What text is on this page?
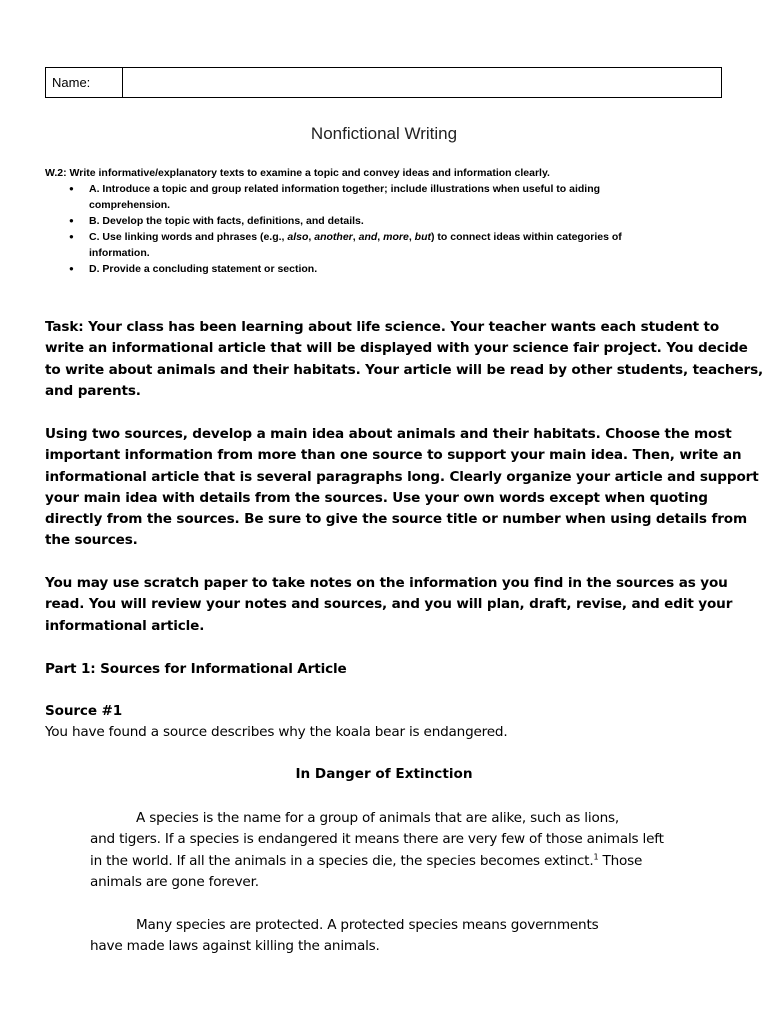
Name:
Nonfictional Writing
W.2: Write informative/explanatory texts to examine a topic and convey ideas and information clearly.
● A. Introduce a topic and group related information together; include illustrations when useful to aiding
comprehension.
● B. Develop the topic with facts, definitions, and details.
● C. Use linking words and phrases (e.g., also, another, and, more, but) to connect ideas within categories of
information.
● D. Provide a concluding statement or section.
Task: Your class has been learning about life science. Your teacher wants each student to
write an informational article that will be displayed with your science fair project. You decide
to write about animals and their habitats. Your article will be read by other students, teachers,
and parents.
Using two sources, develop a main idea about animals and their habitats. Choose the most
important information from more than one source to support your main idea. Then, write an
informational article that is several paragraphs long. Clearly organize your article and support
your main idea with details from the sources. Use your own words except when quoting
directly from the sources. Be sure to give the source title or number when using details from
the sources.
You may use scratch paper to take notes on the information you find in the sources as you
read. You will review your notes and sources, and you will plan, draft, revise, and edit your
informational article.
Part 1: Sources for Informational Article
Source #1
You have found a source describes why the koala bear is endangered.
In Danger of Extinction
A species is the name for a group of animals that are alike, such as lions,
and tigers. If a species is endangered it means there are very few of those animals left
in the world. If all the animals in a species die, the species becomes extinct.$^1$ Those
animals are gone forever.
Many species are protected. A protected species means governments
have made laws against killing the animals.
